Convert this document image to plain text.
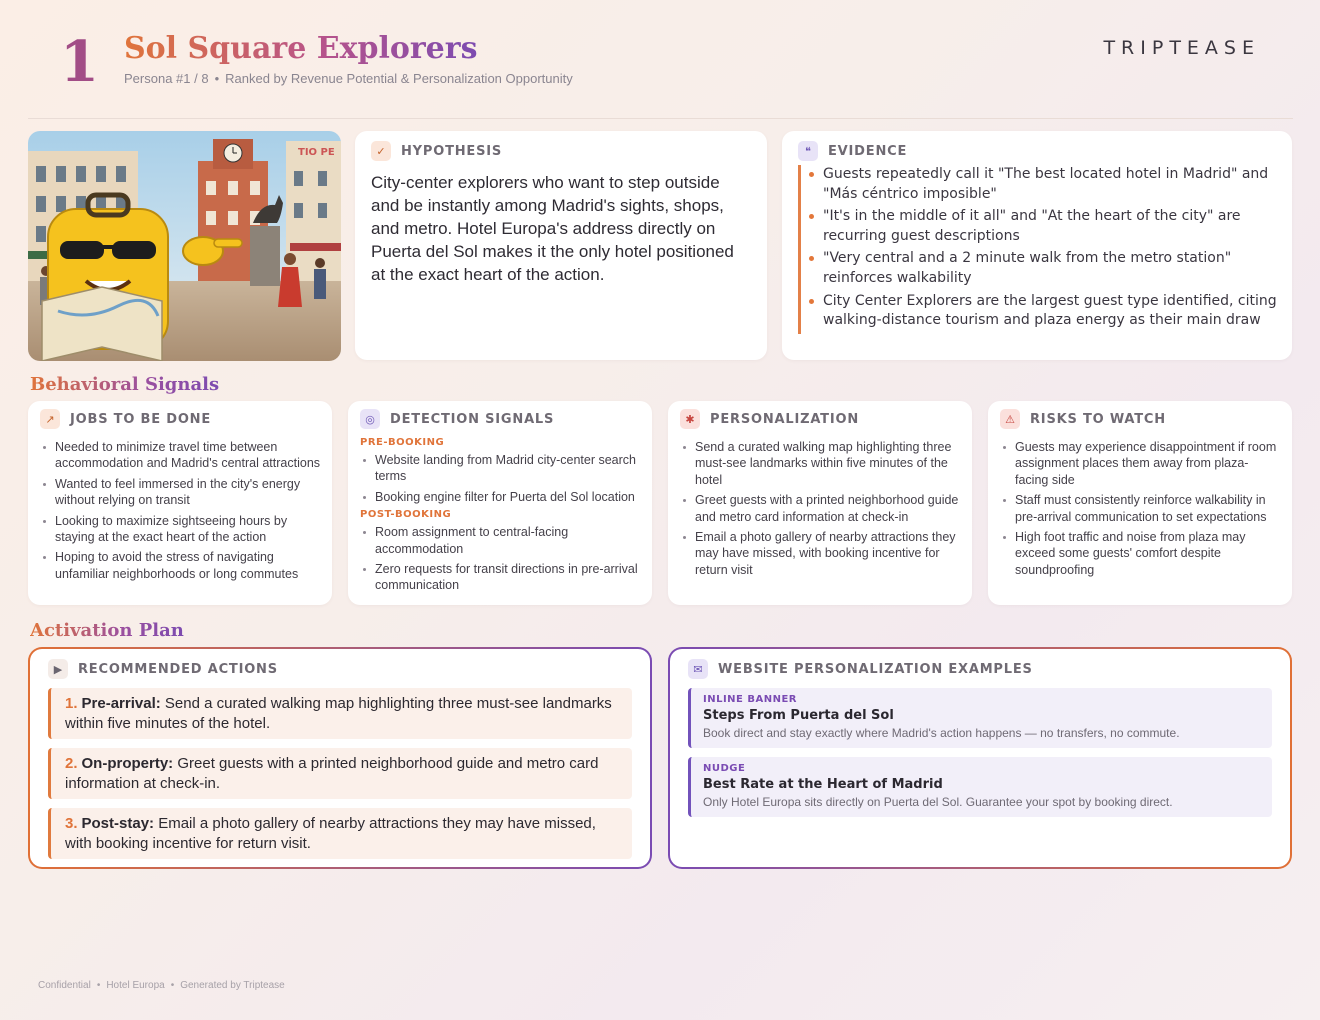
1 Sol Square Explorers
Persona #1 / 8 • Ranked by Revenue Potential & Personalization Opportunity
TRIPTEASE
TIO PE	✓	HYPOTHESIS

City-center explorers who want to step outside and be instantly among Madrid's sights, shops, and metro. Hotel Europa's address directly on Puerta del Sol makes it the only hotel positioned at the exact heart of the action.

❝	EVIDENCE
Guests repeatedly call it "The best located hotel in Madrid" and "Más céntrico imposible"
"It's in the middle of it all" and "At the heart of the city" are recurring guest descriptions
"Very central and a 2 minute walk from the metro station" reinforces walkability
City Center Explorers are the largest guest type identified, citing walking-distance tourism and plaza energy as their main draw
Behavioral Signals
↗	JOBS TO BE DONE
Needed to minimize travel time between accommodation and Madrid's central attractions
Wanted to feel immersed in the city's energy without relying on transit
Looking to maximize sightseeing hours by staying at the exact heart of the action
Hoping to avoid the stress of navigating unfamiliar neighborhoods or long commutes
◎	DETECTION SIGNALS
PRE-BOOKING
Website landing from Madrid city-center search terms
Booking engine filter for Puerta del Sol location
POST-BOOKING
Room assignment to central-facing accommodation
Zero requests for transit directions in pre-arrival communication
✱	PERSONALIZATION
Send a curated walking map highlighting three must-see landmarks within five minutes of the hotel
Greet guests with a printed neighborhood guide and metro card information at check-in
Email a photo gallery of nearby attractions they may have missed, with booking incentive for return visit
⚠	RISKS TO WATCH
Guests may experience disappointment if room assignment places them away from plaza-facing side
Staff must consistently reinforce walkability in pre-arrival communication to set expectations
High foot traffic and noise from plaza may exceed some guests' comfort despite soundproofing
Activation Plan
▶	RECOMMENDED ACTIONS
1. Pre-arrival: Send a curated walking map highlighting three must-see landmarks within five minutes of the hotel.
2. On-property: Greet guests with a printed neighborhood guide and metro card information at check-in.
3. Post-stay: Email a photo gallery of nearby attractions they may have missed, with booking incentive for return visit.
✉	WEBSITE PERSONALIZATION EXAMPLES
INLINE BANNER
Steps From Puerta del Sol
Book direct and stay exactly where Madrid's action happens — no transfers, no commute.
NUDGE
Best Rate at the Heart of Madrid
Only Hotel Europa sits directly on Puerta del Sol. Guarantee your spot by booking direct.
Confidential • Hotel Europa • Generated by Triptease
